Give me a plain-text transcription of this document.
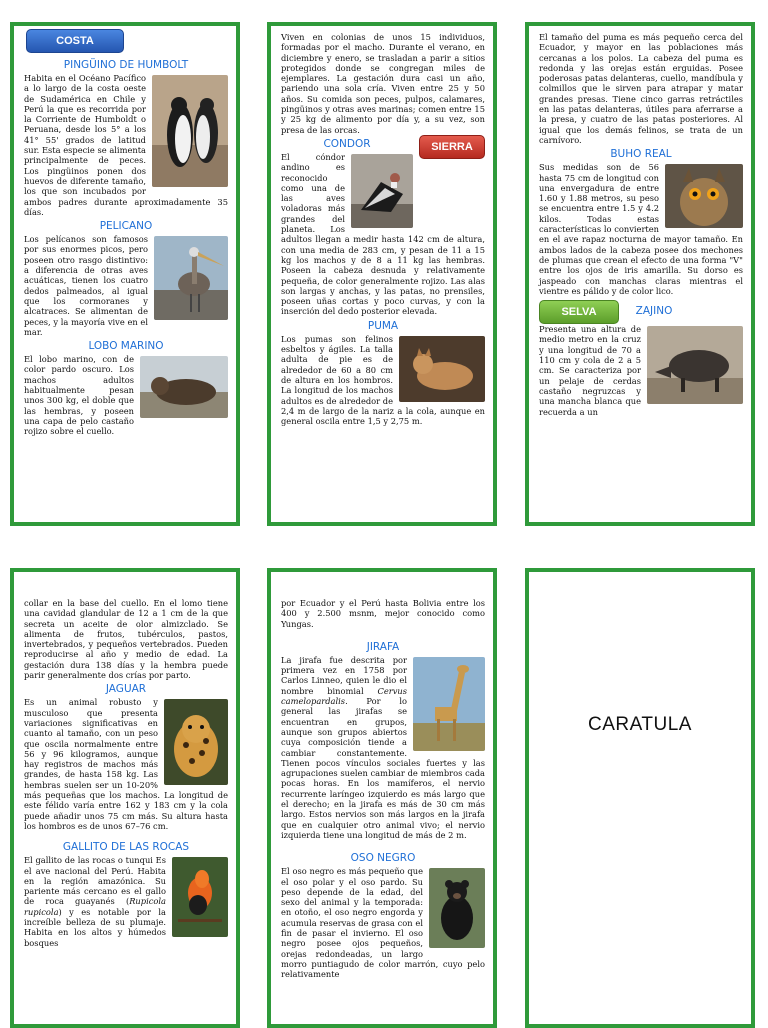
COSTA
PINGÜINO DE HUMBOLT

Habita en el Océano Pacífico a lo largo de la costa oeste de Sudamérica en Chile y Perú la que es recorrida por la Corriente de Humboldt o Peruana, desde los 5° a los 41° 55' grados de latitud sur. Esta especie se alimenta principalmente de peces. Los pingüinos ponen dos huevos de diferente tamaño, los que son incubados por ambos padres durante aproximadamente 35 días.

PELICANO

Los pelícanos son famosos por sus enormes picos, pero poseen otro rasgo distintivo: a diferencia de otras aves acuáticas, tienen los cuatro dedos palmeados, al igual que los cormoranes y alcatraces. Se alimentan de peces, y la mayoría vive en el mar.

LOBO MARINO

El lobo marino, con de color pardo oscuro. Los machos adultos habitualmente pesan unos 300 kg, el doble que las hembras, y poseen una capa de pelo castaño rojizo sobre el cuello.

Viven en colonias de unos 15 individuos, formadas por el macho. Durante el verano, en diciembre y enero, se trasladan a parir a sitios protegidos donde se congregan miles de ejemplares. La gestación dura casi un año, pariendo una sola cría. Viven entre 25 y 50 años. Su comida son peces, pulpos, calamares, pingüinos y otras aves marinas; comen entre 15 y 25 kg de alimento por día y, a su vez, son presa de las orcas.

SIERRA
CONDOR

El cóndor andino es reconocido como una de las aves voladoras más grandes del planeta. Los adultos llegan a medir hasta 142 cm de altura, con una media de 283 cm, y pesan de 11 a 15 kg los machos y de 8 a 11 kg las hembras. Poseen la cabeza desnuda y relativamente pequeña, de color generalmente rojizo. Las alas son largas y anchas, y las patas, no prensiles, poseen uñas cortas y poco curvas, y con la inserción del dedo posterior elevada.

PUMA

Los pumas son felinos esbeltos y ágiles. La talla adulta de pie es de alrededor de 60 a 80 cm de altura en los hombros. La longitud de los machos adultos es de alrededor de 2,4 m de largo de la nariz a la cola, aunque en general oscila entre 1,5 y 2,75 m.

El tamaño del puma es más pequeño cerca del Ecuador, y mayor en las poblaciones más cercanas a los polos. La cabeza del puma es redonda y las orejas están erguidas. Posee poderosas patas delanteras, cuello, mandíbula y colmillos que le sirven para atrapar y matar grandes presas. Tiene cinco garras retráctiles en las patas delanteras, útiles para aferrarse a la presa, y cuatro de las patas posteriores. Al igual que los demás felinos, se trata de un carnívoro.

BUHO REAL

Sus medidas son de 56 hasta 75 cm de longitud con una envergadura de entre 1.60 y 1.88 metros, su peso se encuentra entre 1.5 y 4.2 kilos. Todas estas características lo convierten en el ave rapaz nocturna de mayor tamaño. En ambos lados de la cabeza posee dos mechones de plumas que crean el efecto de una forma "V" entre los ojos de iris amarilla. Su dorso es jaspeado con manchas claras mientras el vientre es pálido y de color lico.

SELVA	ZAJINO

Presenta una altura de medio metro en la cruz y una longitud de 70 a 110 cm y cola de 2 a 5 cm. Se caracteriza por un pelaje de cerdas castaño negruzcas y una mancha blanca que recuerda a un

collar en la base del cuello. En el lomo tiene una cavidad glandular de 12 a 1 cm de la que secreta un aceite de olor almizclado. Se alimenta de frutos, tubérculos, pastos, invertebrados, y pequeños vertebrados. Pueden reproducirse al año y medio de edad. La gestación dura 138 días y la hembra puede parir generalmente dos crías por parto.

JAGUAR

Es un animal robusto y musculoso que presenta variaciones significativas en cuanto al tamaño, con un peso que oscila normalmente entre 56 y 96 kilogramos, aunque hay registros de machos más grandes, de hasta 158 kg. Las hembras suelen ser un 10-20% más pequeñas que los machos. La longitud de este félido varía entre 162 y 183 cm y la cola puede añadir unos 75 cm más. Su altura hasta los hombros es de unos 67–76 cm.

GALLITO DE LAS ROCAS

El gallito de las rocas o tunqui Es el ave nacional del Perú. Habita en la región amazónica. Su pariente más cercano es el gallo de roca guayanés (Rupicola rupicola) y es notable por la increíble belleza de su plumaje. Habita en los altos y húmedos bosques

por Ecuador y el Perú hasta Bolivia entre los 400 y 2.500 msnm, mejor conocido como Yungas.

JIRAFA

La jirafa fue descrita por primera vez en 1758 por Carlos Linneo, quien le dio el nombre binomial Cervus camelopardalis. Por lo general las jirafas se encuentran en grupos, aunque son grupos abiertos cuya composición tiende a cambiar constantemente. Tienen pocos vínculos sociales fuertes y las agrupaciones suelen cambiar de miembros cada pocas horas. En los mamíferos, el nervio recurrente laríngeo izquierdo es más largo que el derecho; en la jirafa es más de 30 cm más largo. Estos nervios son más largos en la jirafa que en cualquier otro animal vivo; el nervio izquierda tiene una longitud de más de 2 m.

OSO NEGRO

El oso negro es más pequeño que el oso polar y el oso pardo. Su peso depende de la edad, del sexo del animal y la temporada: en otoño, el oso negro engorda y acumula reservas de grasa con el fin de pasar el invierno. El oso negro posee ojos pequeños, orejas redondeadas, un largo morro puntiagudo de color marrón, cuyo pelo relativamente

CARATULA
